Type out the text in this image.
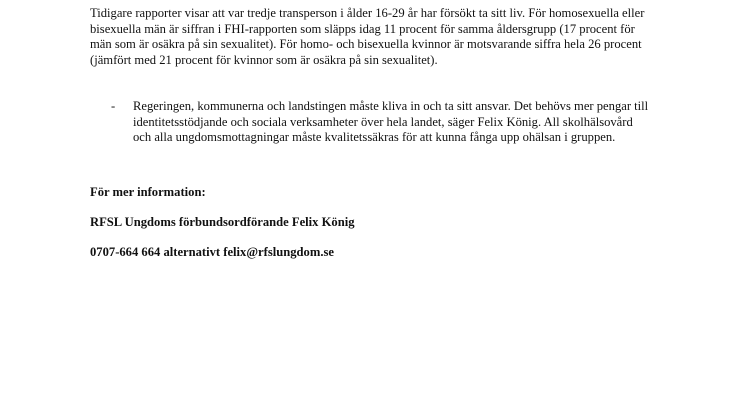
Tidigare rapporter visar att var tredje transperson i ålder 16-29 år har försökt ta sitt liv. För homosexuella eller bisexuella män är siffran i FHI-rapporten som släpps idag 11 procent för samma åldersgrupp (17 procent för män som är osäkra på sin sexualitet). För homo- och bisexuella kvinnor är motsvarande siffra hela 26 procent (jämfört med 21 procent för kvinnor som är osäkra på sin sexualitet).

- Regeringen, kommunerna och landstingen måste kliva in och ta sitt ansvar. Det behövs mer pengar till identitetsstödjande och sociala verksamheter över hela landet, säger Felix König. All skolhälsovård och alla ungdomsmottagningar måste kvalitetssäkras för att kunna fånga upp ohälsan i gruppen.

För mer information:

RFSL Ungdoms förbundsordförande Felix König

0707-664 664 alternativt felix@rfslungdom.se
